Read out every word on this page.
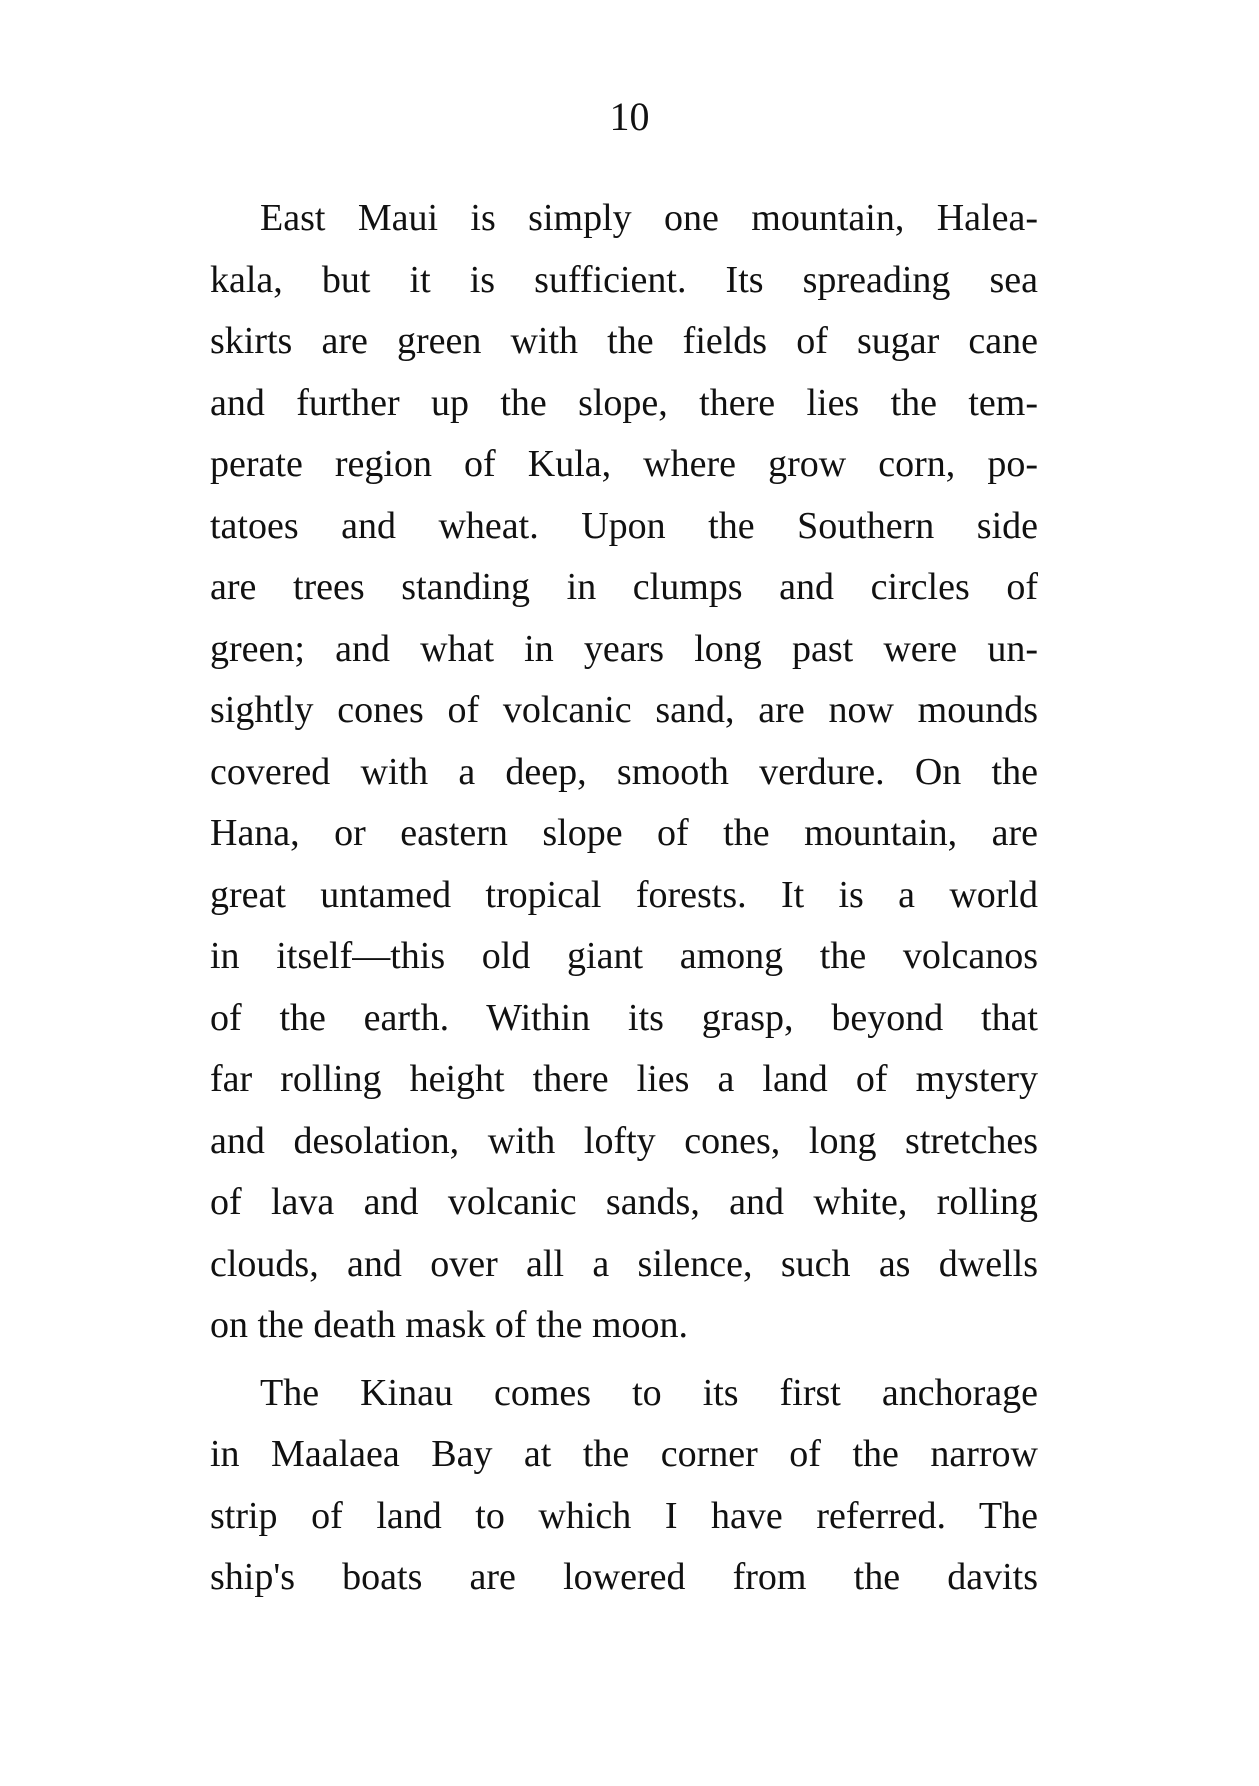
10

East Maui is simply one mountain, Halea-
kala, but it is sufficient. Its spreading sea
skirts are green with the fields of sugar cane
and further up the slope, there lies the tem-
perate region of Kula, where grow corn, po-
tatoes and wheat. Upon the Southern side
are trees standing in clumps and circles of
green; and what in years long past were un-
sightly cones of volcanic sand, are now mounds
covered with a deep, smooth verdure. On the
Hana, or eastern slope of the mountain, are
great untamed tropical forests. It is a world
in itself—this old giant among the volcanos
of the earth. Within its grasp, beyond that
far rolling height there lies a land of mystery
and desolation, with lofty cones, long stretches
of lava and volcanic sands, and white, rolling
clouds, and over all a silence, such as dwells
on the death mask of the moon.

The Kinau comes to its first anchorage
in Maalaea Bay at the corner of the narrow
strip of land to which I have referred. The
ship's boats are lowered from the davits
